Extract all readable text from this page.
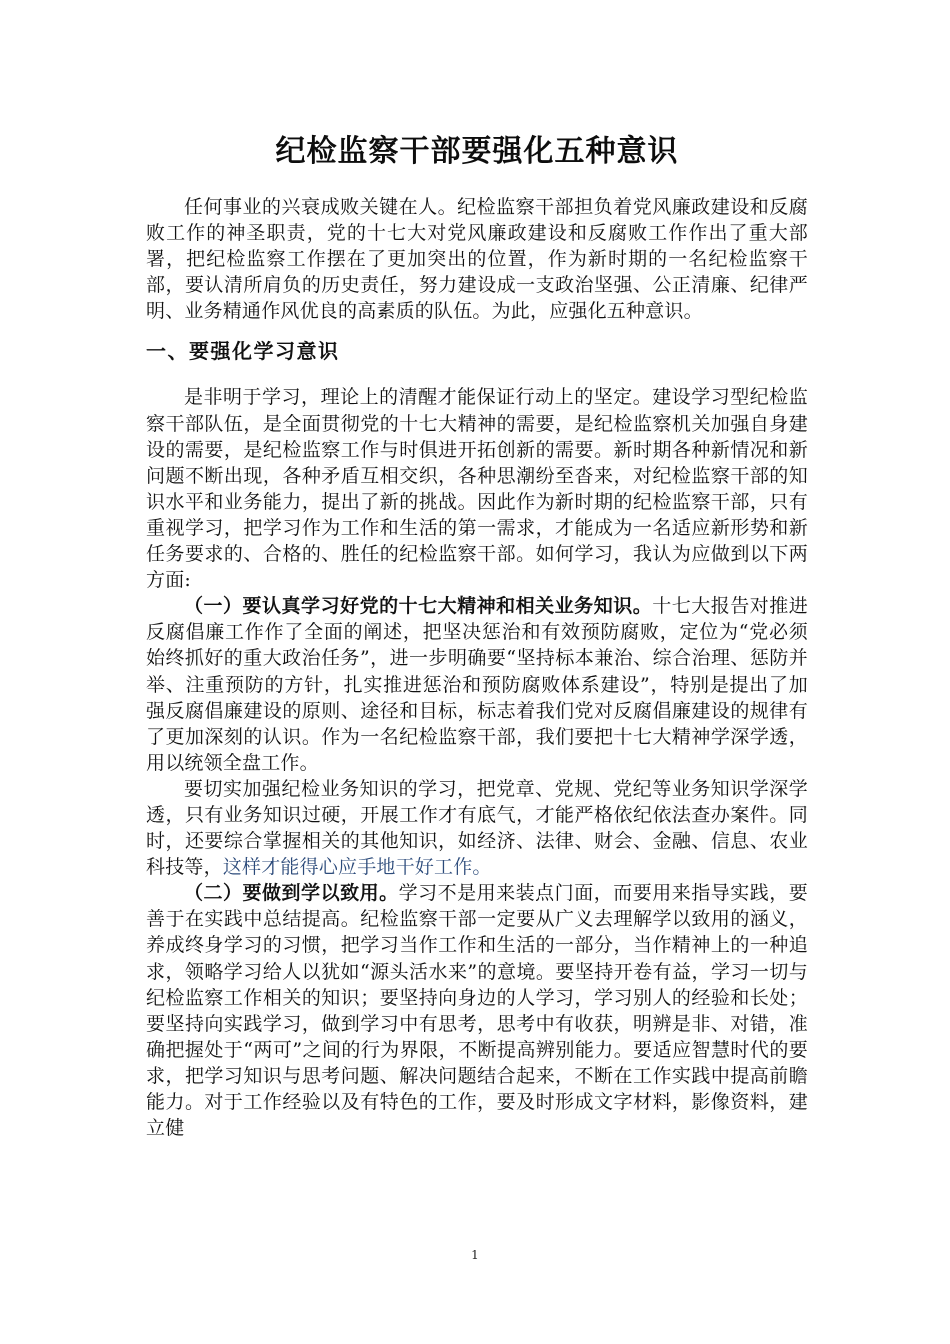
纪检监察干部要强化五种意识

任何事业的兴衰成败关键在人。纪检监察干部担负着党风廉政建设和反腐败工作的神圣职责，党的十七大对党风廉政建设和反腐败工作作出了重大部署，把纪检监察工作摆在了更加突出的位置，作为新时期的一名纪检监察干部，要认清所肩负的历史责任，努力建设成一支政治坚强、公正清廉、纪律严明、业务精通作风优良的高素质的队伍。为此，应强化五种意识。

一、要强化学习意识

是非明于学习，理论上的清醒才能保证行动上的坚定。建设学习型纪检监察干部队伍，是全面贯彻党的十七大精神的需要，是纪检监察机关加强自身建设的需要，是纪检监察工作与时俱进开拓创新的需要。新时期各种新情况和新问题不断出现，各种矛盾互相交织，各种思潮纷至沓来，对纪检监察干部的知识水平和业务能力，提出了新的挑战。因此作为新时期的纪检监察干部，只有重视学习，把学习作为工作和生活的第一需求，才能成为一名适应新形势和新任务要求的、合格的、胜任的纪检监察干部。如何学习，我认为应做到以下两方面:

（一）要认真学习好党的十七大精神和相关业务知识。十七大报告对推进反腐倡廉工作作了全面的阐述，把坚决惩治和有效预防腐败，定位为“党必须始终抓好的重大政治任务”，进一步明确要“坚持标本兼治、综合治理、惩防并举、注重预防的方针，扎实推进惩治和预防腐败体系建设”，特别是提出了加强反腐倡廉建设的原则、途径和目标，标志着我们党对反腐倡廉建设的规律有了更加深刻的认识。作为一名纪检监察干部，我们要把十七大精神学深学透，用以统领全盘工作。

要切实加强纪检业务知识的学习，把党章、党规、党纪等业务知识学深学透，只有业务知识过硬，开展工作才有底气，才能严格依纪依法查办案件。同时，还要综合掌握相关的其他知识，如经济、法律、财会、金融、信息、农业科技等，这样才能得心应手地干好工作。

（二）要做到学以致用。学习不是用来装点门面，而要用来指导实践，要善于在实践中总结提高。纪检监察干部一定要从广义去理解学以致用的涵义，养成终身学习的习惯，把学习当作工作和生活的一部分，当作精神上的一种追求，领略学习给人以犹如“源头活水来”的意境。要坚持开卷有益，学习一切与纪检监察工作相关的知识；要坚持向身边的人学习，学习别人的经验和长处；要坚持向实践学习，做到学习中有思考，思考中有收获，明辨是非、对错，准确把握处于“两可”之间的行为界限，不断提高辨别能力。要适应智慧时代的要求，把学习知识与思考问题、解决问题结合起来，不断在工作实践中提高前瞻能力。对于工作经验以及有特色的工作，要及时形成文字材料，影像资料，建立健

1
